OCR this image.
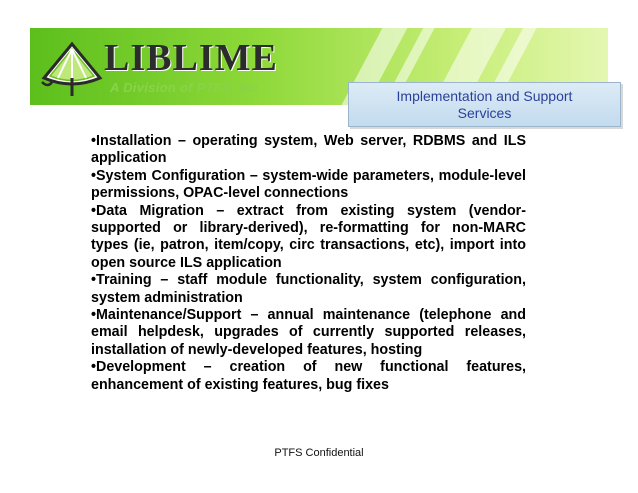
LIBLIME
A Division of PTFS, Inc
Implementation and Support
Services

•Installation – operating system, Web server, RDBMS and ILS application

•System Configuration – system-wide parameters, module-level permissions, OPAC-level connections

•Data Migration – extract from existing system (vendor-supported or library-derived), re-formatting for non-MARC types (ie, patron, item/copy, circ transactions, etc), import into open source ILS application

•Training – staff module functionality, system configuration, system administration

•Maintenance/Support – annual maintenance (telephone and email helpdesk, upgrades of currently supported releases, installation of newly-developed features, hosting

•Development – creation of new functional features, enhancement of existing features, bug fixes

PTFS Confidential
